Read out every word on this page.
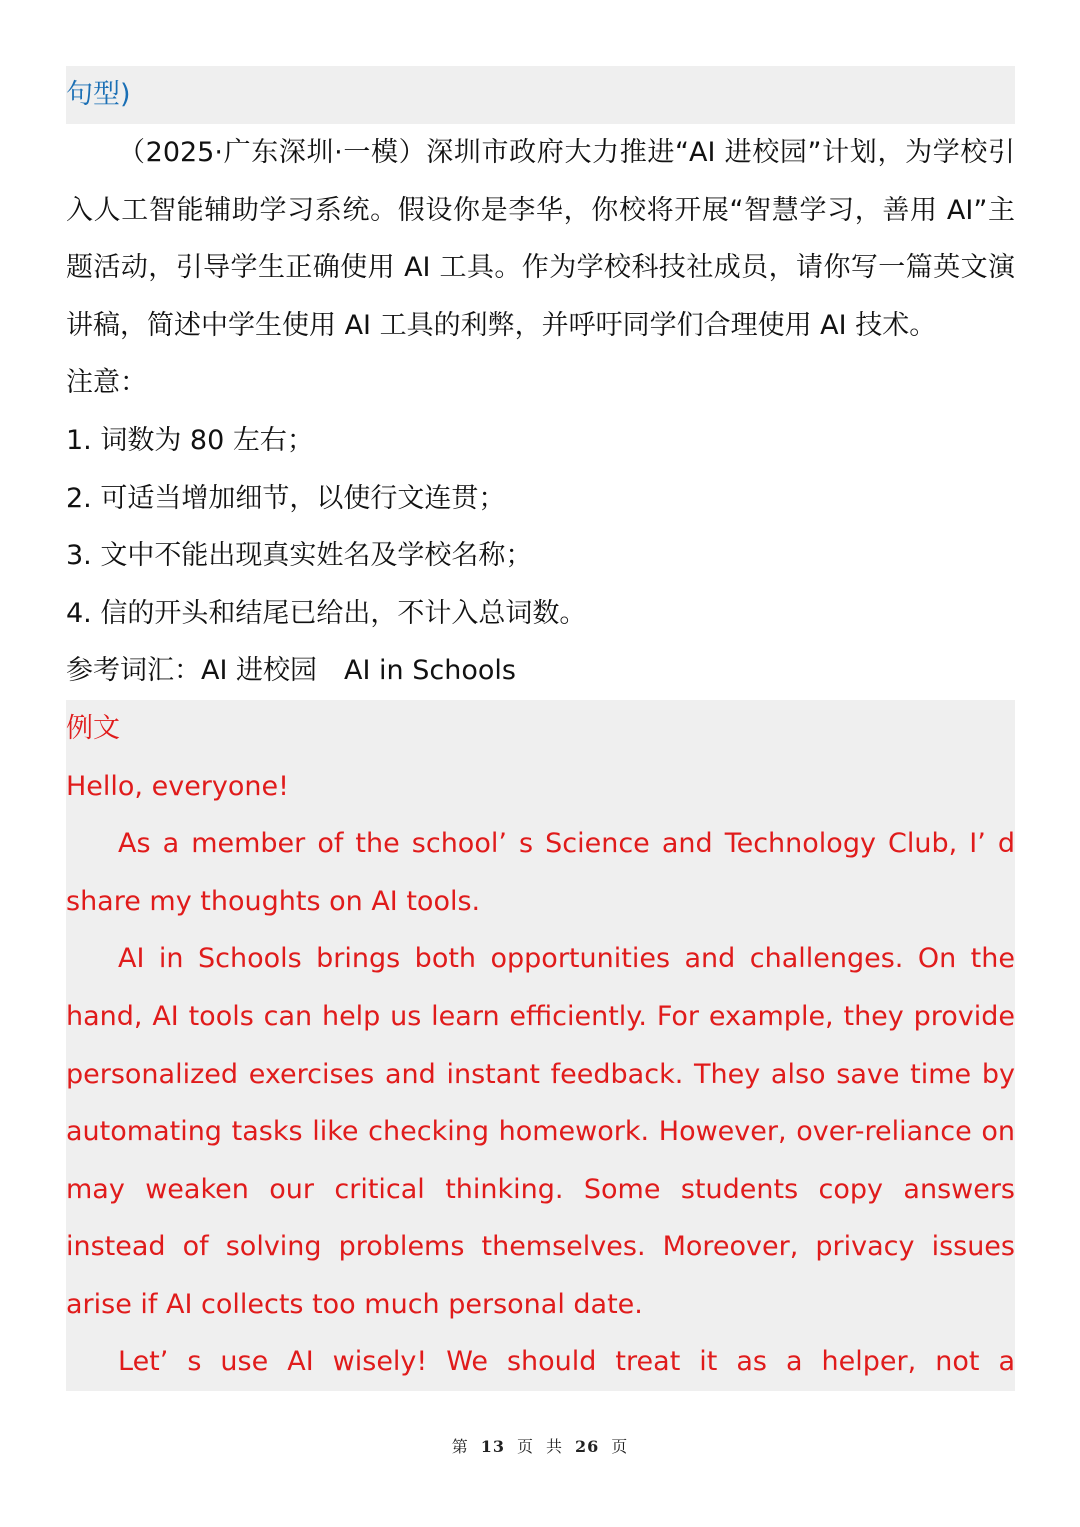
句型)
（2025·广东深圳·一模）深圳市政府大力推进“AI 进校园”计划，为学校引
入人工智能辅助学习系统。假设你是李华，你校将开展“智慧学习，善用 AI”主
题活动，引导学生正确使用 AI 工具。作为学校科技社成员，请你写一篇英文演
讲稿，简述中学生使用 AI 工具的利弊，并呼吁同学们合理使用 AI 技术。
注意：
1. 词数为 80 左右；
2. 可适当增加细节，以使行文连贯；
3. 文中不能出现真实姓名及学校名称；
4. 信的开头和结尾已给出，不计入总词数。
参考词汇：AI 进校园　AI in Schools
例文
Hello, everyone!
As a member of the school’ s Science and Technology Club, I’ d
share my thoughts on AI tools.
AI in Schools brings both opportunities and challenges. On the
hand, AI tools can help us learn efficiently. For example, they provide
personalized exercises and instant feedback. They also save time by
automating tasks like checking homework. However, over-reliance on
may weaken our critical thinking. Some students copy answers
instead of solving problems themselves. Moreover, privacy issues
arise if AI collects too much personal date.
Let’ s use AI wisely! We should treat it as a helper, not a
第 13 页 共 26 页
